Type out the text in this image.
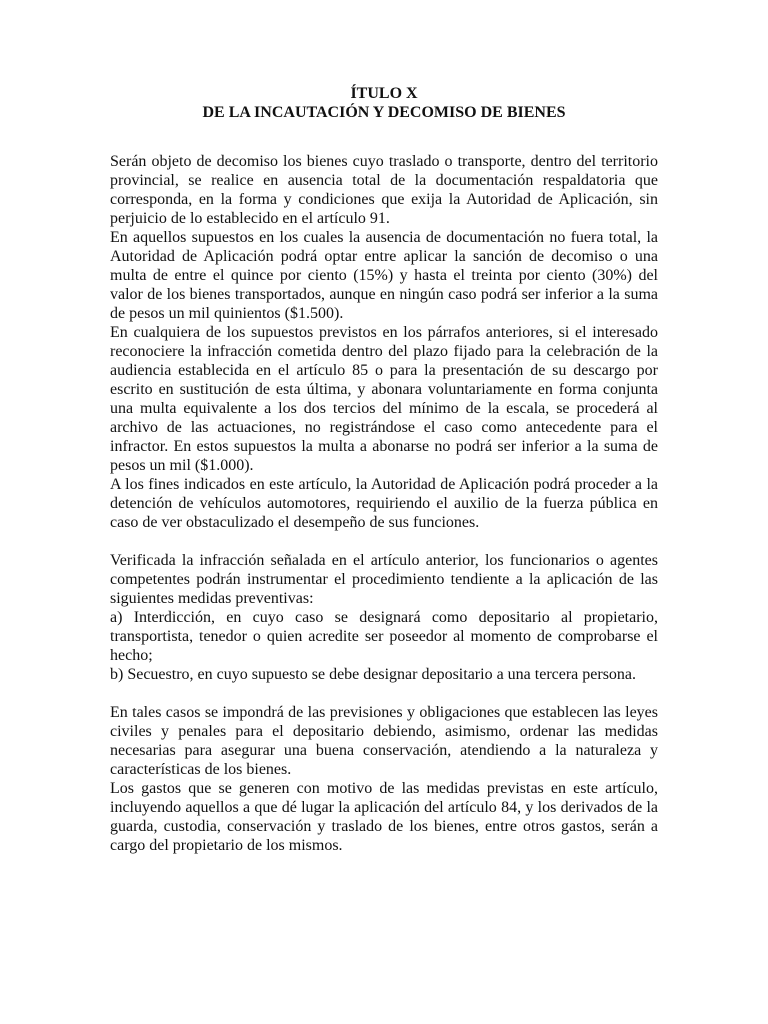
ÍTULO X

DE LA INCAUTACIÓN Y DECOMISO DE BIENES

Serán objeto de decomiso los bienes cuyo traslado o transporte, dentro del territorio provincial, se realice en ausencia total de la documentación respaldatoria que corresponda, en la forma y condiciones que exija la Autoridad de Aplicación, sin perjuicio de lo establecido en el artículo 91.

En aquellos supuestos en los cuales la ausencia de documentación no fuera total, la Autoridad de Aplicación podrá optar entre aplicar la sanción de decomiso o una multa de entre el quince por ciento (15%) y hasta el treinta por ciento (30%) del valor de los bienes transportados, aunque en ningún caso podrá ser inferior a la suma de pesos un mil quinientos ($1.500).

En cualquiera de los supuestos previstos en los párrafos anteriores, si el interesado reconociere la infracción cometida dentro del plazo fijado para la celebración de la audiencia establecida en el artículo 85 o para la presentación de su descargo por escrito en sustitución de esta última, y abonara voluntariamente en forma conjunta una multa equivalente a los dos tercios del mínimo de la escala, se procederá al archivo de las actuaciones, no registrándose el caso como antecedente para el infractor. En estos supuestos la multa a abonarse no podrá ser inferior a la suma de pesos un mil ($1.000).

A los fines indicados en este artículo, la Autoridad de Aplicación podrá proceder a la detención de vehículos automotores, requiriendo el auxilio de la fuerza pública en caso de ver obstaculizado el desempeño de sus funciones.

Verificada la infracción señalada en el artículo anterior, los funcionarios o agentes competentes podrán instrumentar el procedimiento tendiente a la aplicación de las siguientes medidas preventivas:

a) Interdicción, en cuyo caso se designará como depositario al propietario, transportista, tenedor o quien acredite ser poseedor al momento de comprobarse el hecho;

b) Secuestro, en cuyo supuesto se debe designar depositario a una tercera persona.

En tales casos se impondrá de las previsiones y obligaciones que establecen las leyes civiles y penales para el depositario debiendo, asimismo, ordenar las medidas necesarias para asegurar una buena conservación, atendiendo a la naturaleza y características de los bienes.

Los gastos que se generen con motivo de las medidas previstas en este artículo, incluyendo aquellos a que dé lugar la aplicación del artículo 84, y los derivados de la guarda, custodia, conservación y traslado de los bienes, entre otros gastos, serán a cargo del propietario de los mismos.
